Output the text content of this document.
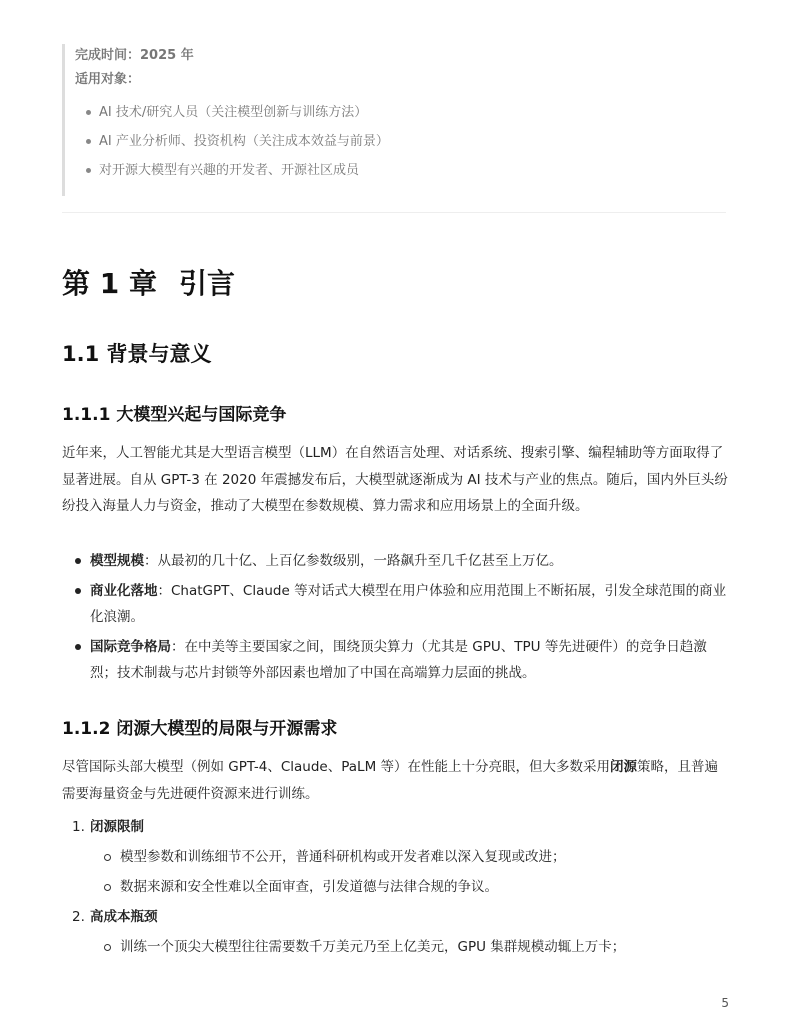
完成时间：2025 年
适用对象：
AI 技术/研究人员（关注模型创新与训练方法）
AI 产业分析师、投资机构（关注成本效益与前景）
对开源大模型有兴趣的开发者、开源社区成员
第 1 章 引言
1.1 背景与意义
1.1.1 大模型兴起与国际竞争

近年来，人工智能尤其是大型语言模型（LLM）在自然语言处理、对话系统、搜索引擎、编程辅助等方面取得了显著进展。自从 GPT-3 在 2020 年震撼发布后，大模型就逐渐成为 AI 技术与产业的焦点。随后，国内外巨头纷纷投入海量人力与资金，推动了大模型在参数规模、算力需求和应用场景上的全面升级。

模型规模：从最初的几十亿、上百亿参数级别，一路飙升至几千亿甚至上万亿。
商业化落地：ChatGPT、Claude 等对话式大模型在用户体验和应用范围上不断拓展，引发全球范围的商业化浪潮。
国际竞争格局：在中美等主要国家之间，围绕顶尖算力（尤其是 GPU、TPU 等先进硬件）的竞争日趋激烈；技术制裁与芯片封锁等外部因素也增加了中国在高端算力层面的挑战。
1.1.2 闭源大模型的局限与开源需求

尽管国际头部大模型（例如 GPT-4、Claude、PaLM 等）在性能上十分亮眼，但大多数采用闭源策略，且普遍需要海量资金与先进硬件资源来进行训练。

1. 闭源限制
模型参数和训练细节不公开，普通科研机构或开发者难以深入复现或改进；
数据来源和安全性难以全面审查，引发道德与法律合规的争议。
2. 高成本瓶颈
训练一个顶尖大模型往往需要数千万美元乃至上亿美元，GPU 集群规模动辄上万卡；
5
